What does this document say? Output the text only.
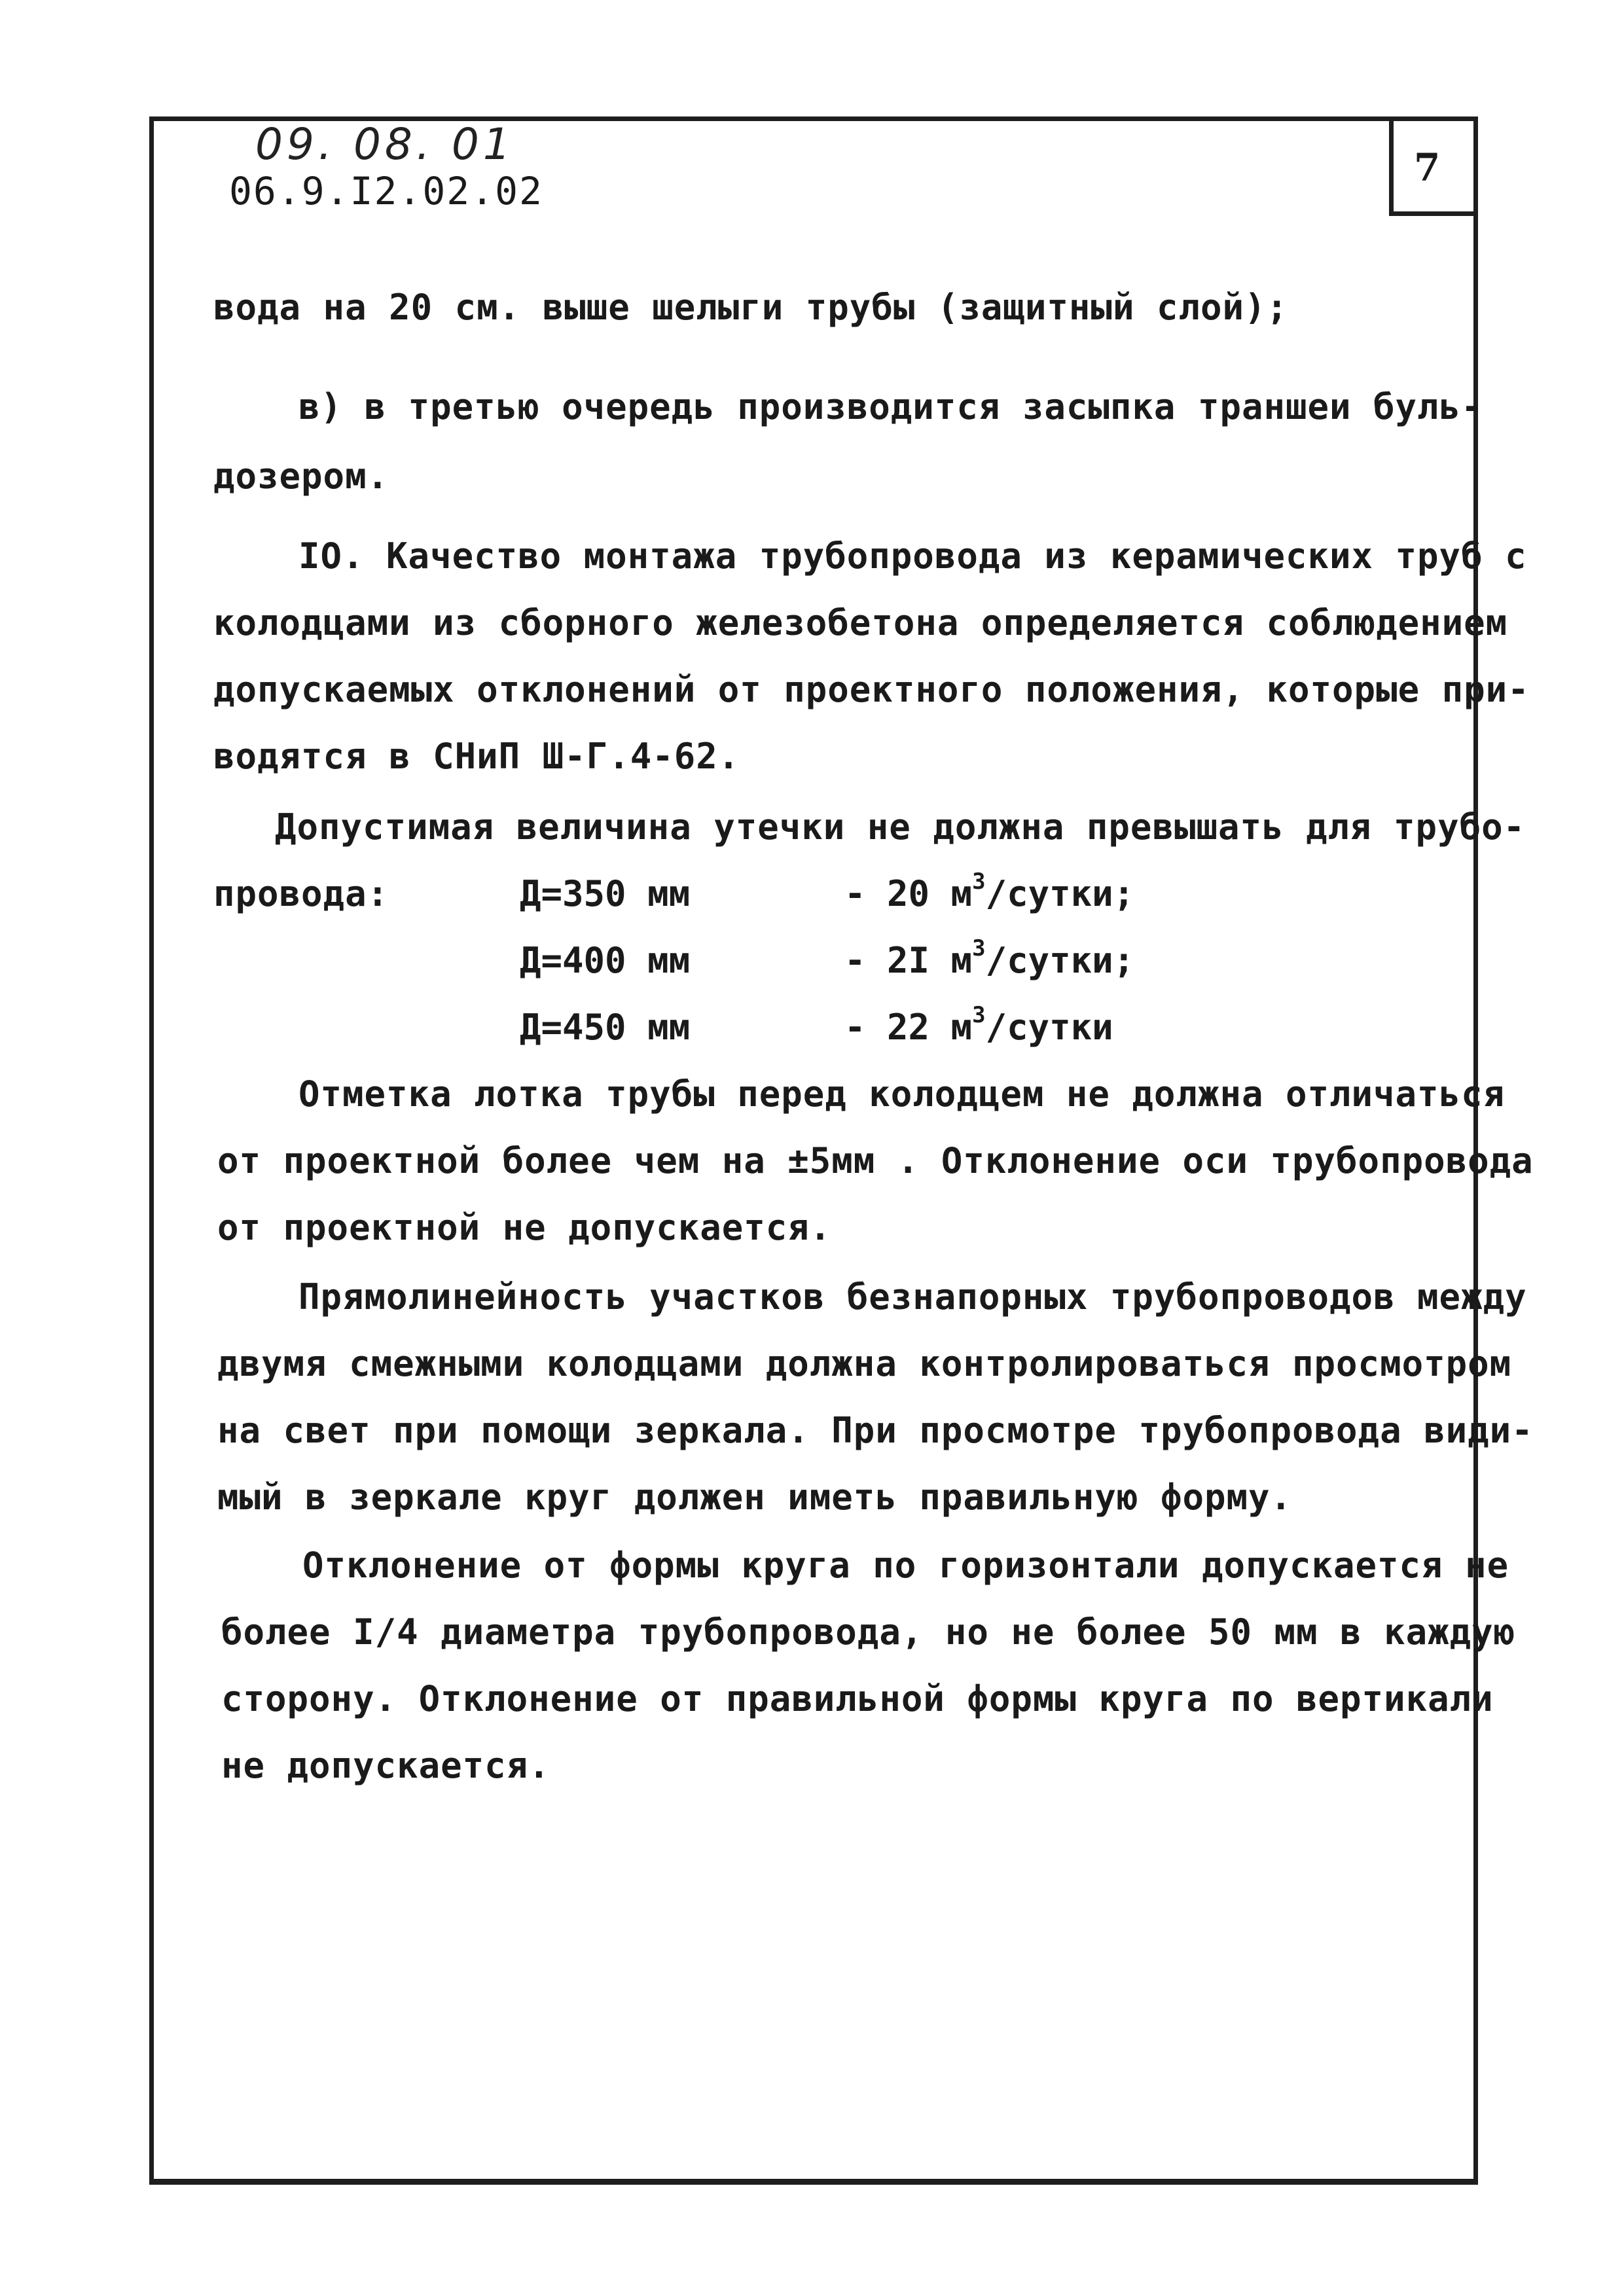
7
09. 08. 01
06.9.I2.02.02
вода на 20 см. выше шелыги трубы (защитный слой);
в) в третью очередь производится засыпка траншеи буль-
дозером.
IO. Качество монтажа трубопровода из керамических труб с
колодцами из сборного железобетона определяется соблюдением
допускаемых отклонений от проектного положения, которые при-
водятся в СНиП Ш-Г.4-62.
Допустимая величина утечки не должна превышать для трубо-
провода:	Д=350 мм	- 20 $м^3$/сутки;
Д=400 мм	- 2I $м^3$/сутки;
Д=450 мм	- 22 $м^3$/сутки
Отметка лотка трубы перед колодцем не должна отличаться
от проектной более чем на ±5мм . Отклонение оси трубопровода
от проектной не допускается.
Прямолинейность участков безнапорных трубопроводов между
двумя смежными колодцами должна контролироваться просмотром
на свет при помощи зеркала. При просмотре трубопровода види-
мый в зеркале круг должен иметь правильную форму.
Отклонение от формы круга по горизонтали допускается не
более I/4 диаметра трубопровода, но не более 50 мм в каждую
сторону. Отклонение от правильной формы круга по вертикали
не допускается.
